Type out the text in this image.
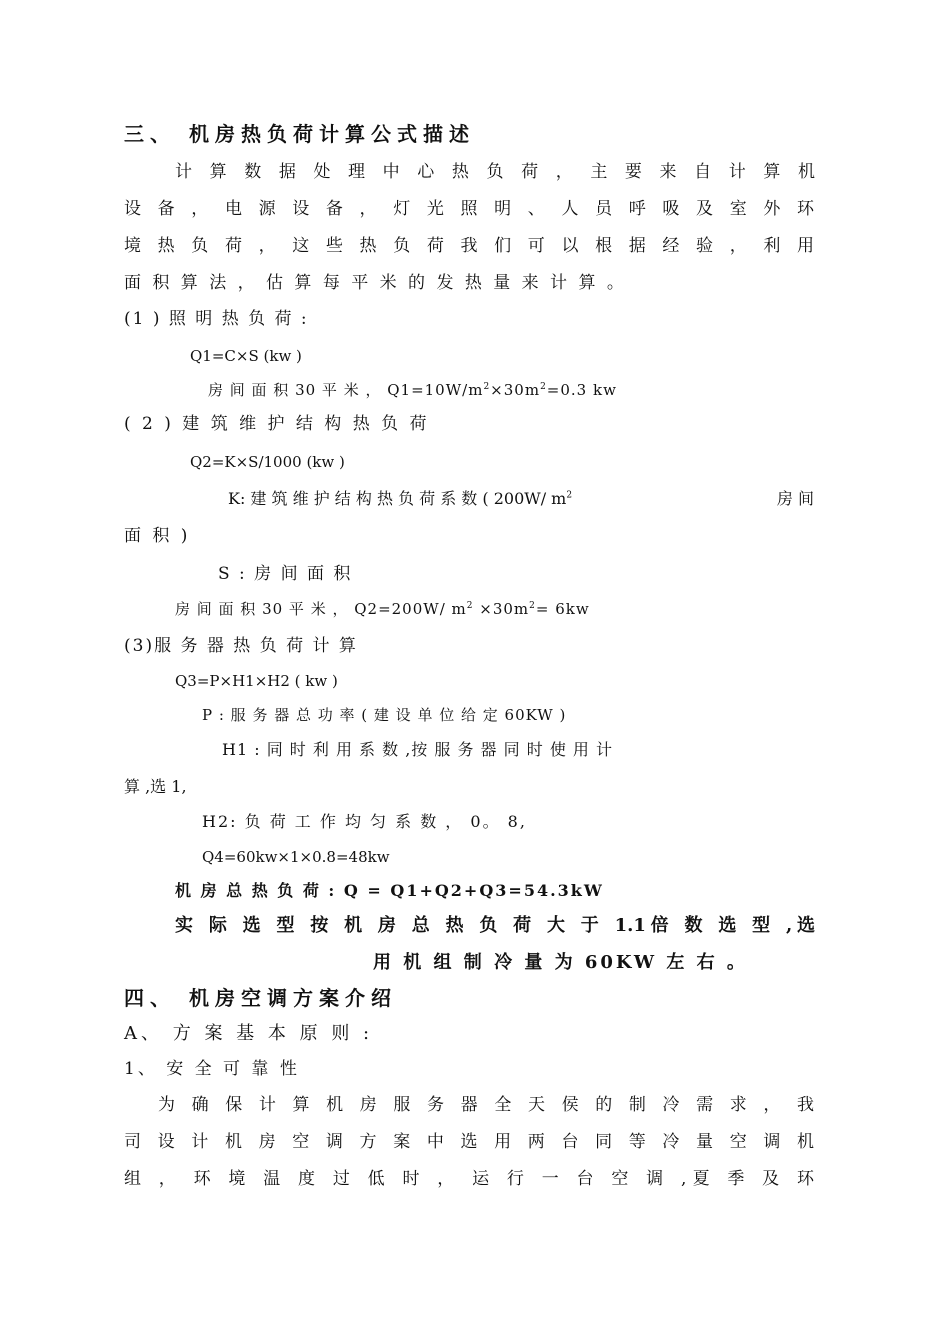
三、 机房热负荷计算公式描述
计 算 数 据 处 理 中 心 热 负 荷 ， 主 要 来 自 计 算 机
设 备 ， 电 源 设 备 ， 灯 光 照 明 、 人 员 呼 吸 及 室 外 环
境 热 负 荷 ， 这 些 热 负 荷 我 们 可 以 根 据 经 验 ， 利 用
面 积 算 法 ， 估 算 每 平 米 的 发 热 量 来 计 算 。
(1 ) 照 明 热 负 荷 :
Q1=C×S (kw )
房 间 面 积 30 平 米 ， $Q1=10W/m^2\times 30m^2=0.3$ kw
( 2 ) 建 筑 维 护 结 构 热 负 荷
Q2=K×S/1000 (kw )
K: 建 筑 维 护 结 构 热 负 荷 系 数 ( 200W/ $m^2$	房 间
面 积 )
S : 房 间 面 积
房 间 面 积 30 平 米 ， Q2=200W/ $m^2 \times 30m^2= 6kw$
(3)服 务 器 热 负 荷 计 算
Q3=P×H1×H2 ( kw )
P : 服 务 器 总 功 率 ( 建 设 单 位 给 定 60KW )
H1 : 同 时 利 用 系 数 ,按 服 务 器 同 时 使 用 计
算 ,选 1,
H2: 负 荷 工 作 均 匀 系 数 ， 0。 8,
Q4=60kw×1×0.8=48kw
机 房 总 热 负 荷 : Q = Q1+Q2+Q3=54.3kW
实 际 选 型 按 机 房 总 热 负 荷 大 于 1.1倍 数 选 型 ,选
用 机 组 制 冷 量 为 60KW 左 右 。
四、 机房空调方案介绍
A、 方 案 基 本 原 则 :
1、 安 全 可 靠 性
为 确 保 计 算 机 房 服 务 器 全 天 侯 的 制 冷 需 求 ， 我
司 设 计 机 房 空 调 方 案 中 选 用 两 台 同 等 冷 量 空 调 机
组 ， 环 境 温 度 过 低 时 ， 运 行 一 台 空 调 ,夏 季 及 环
